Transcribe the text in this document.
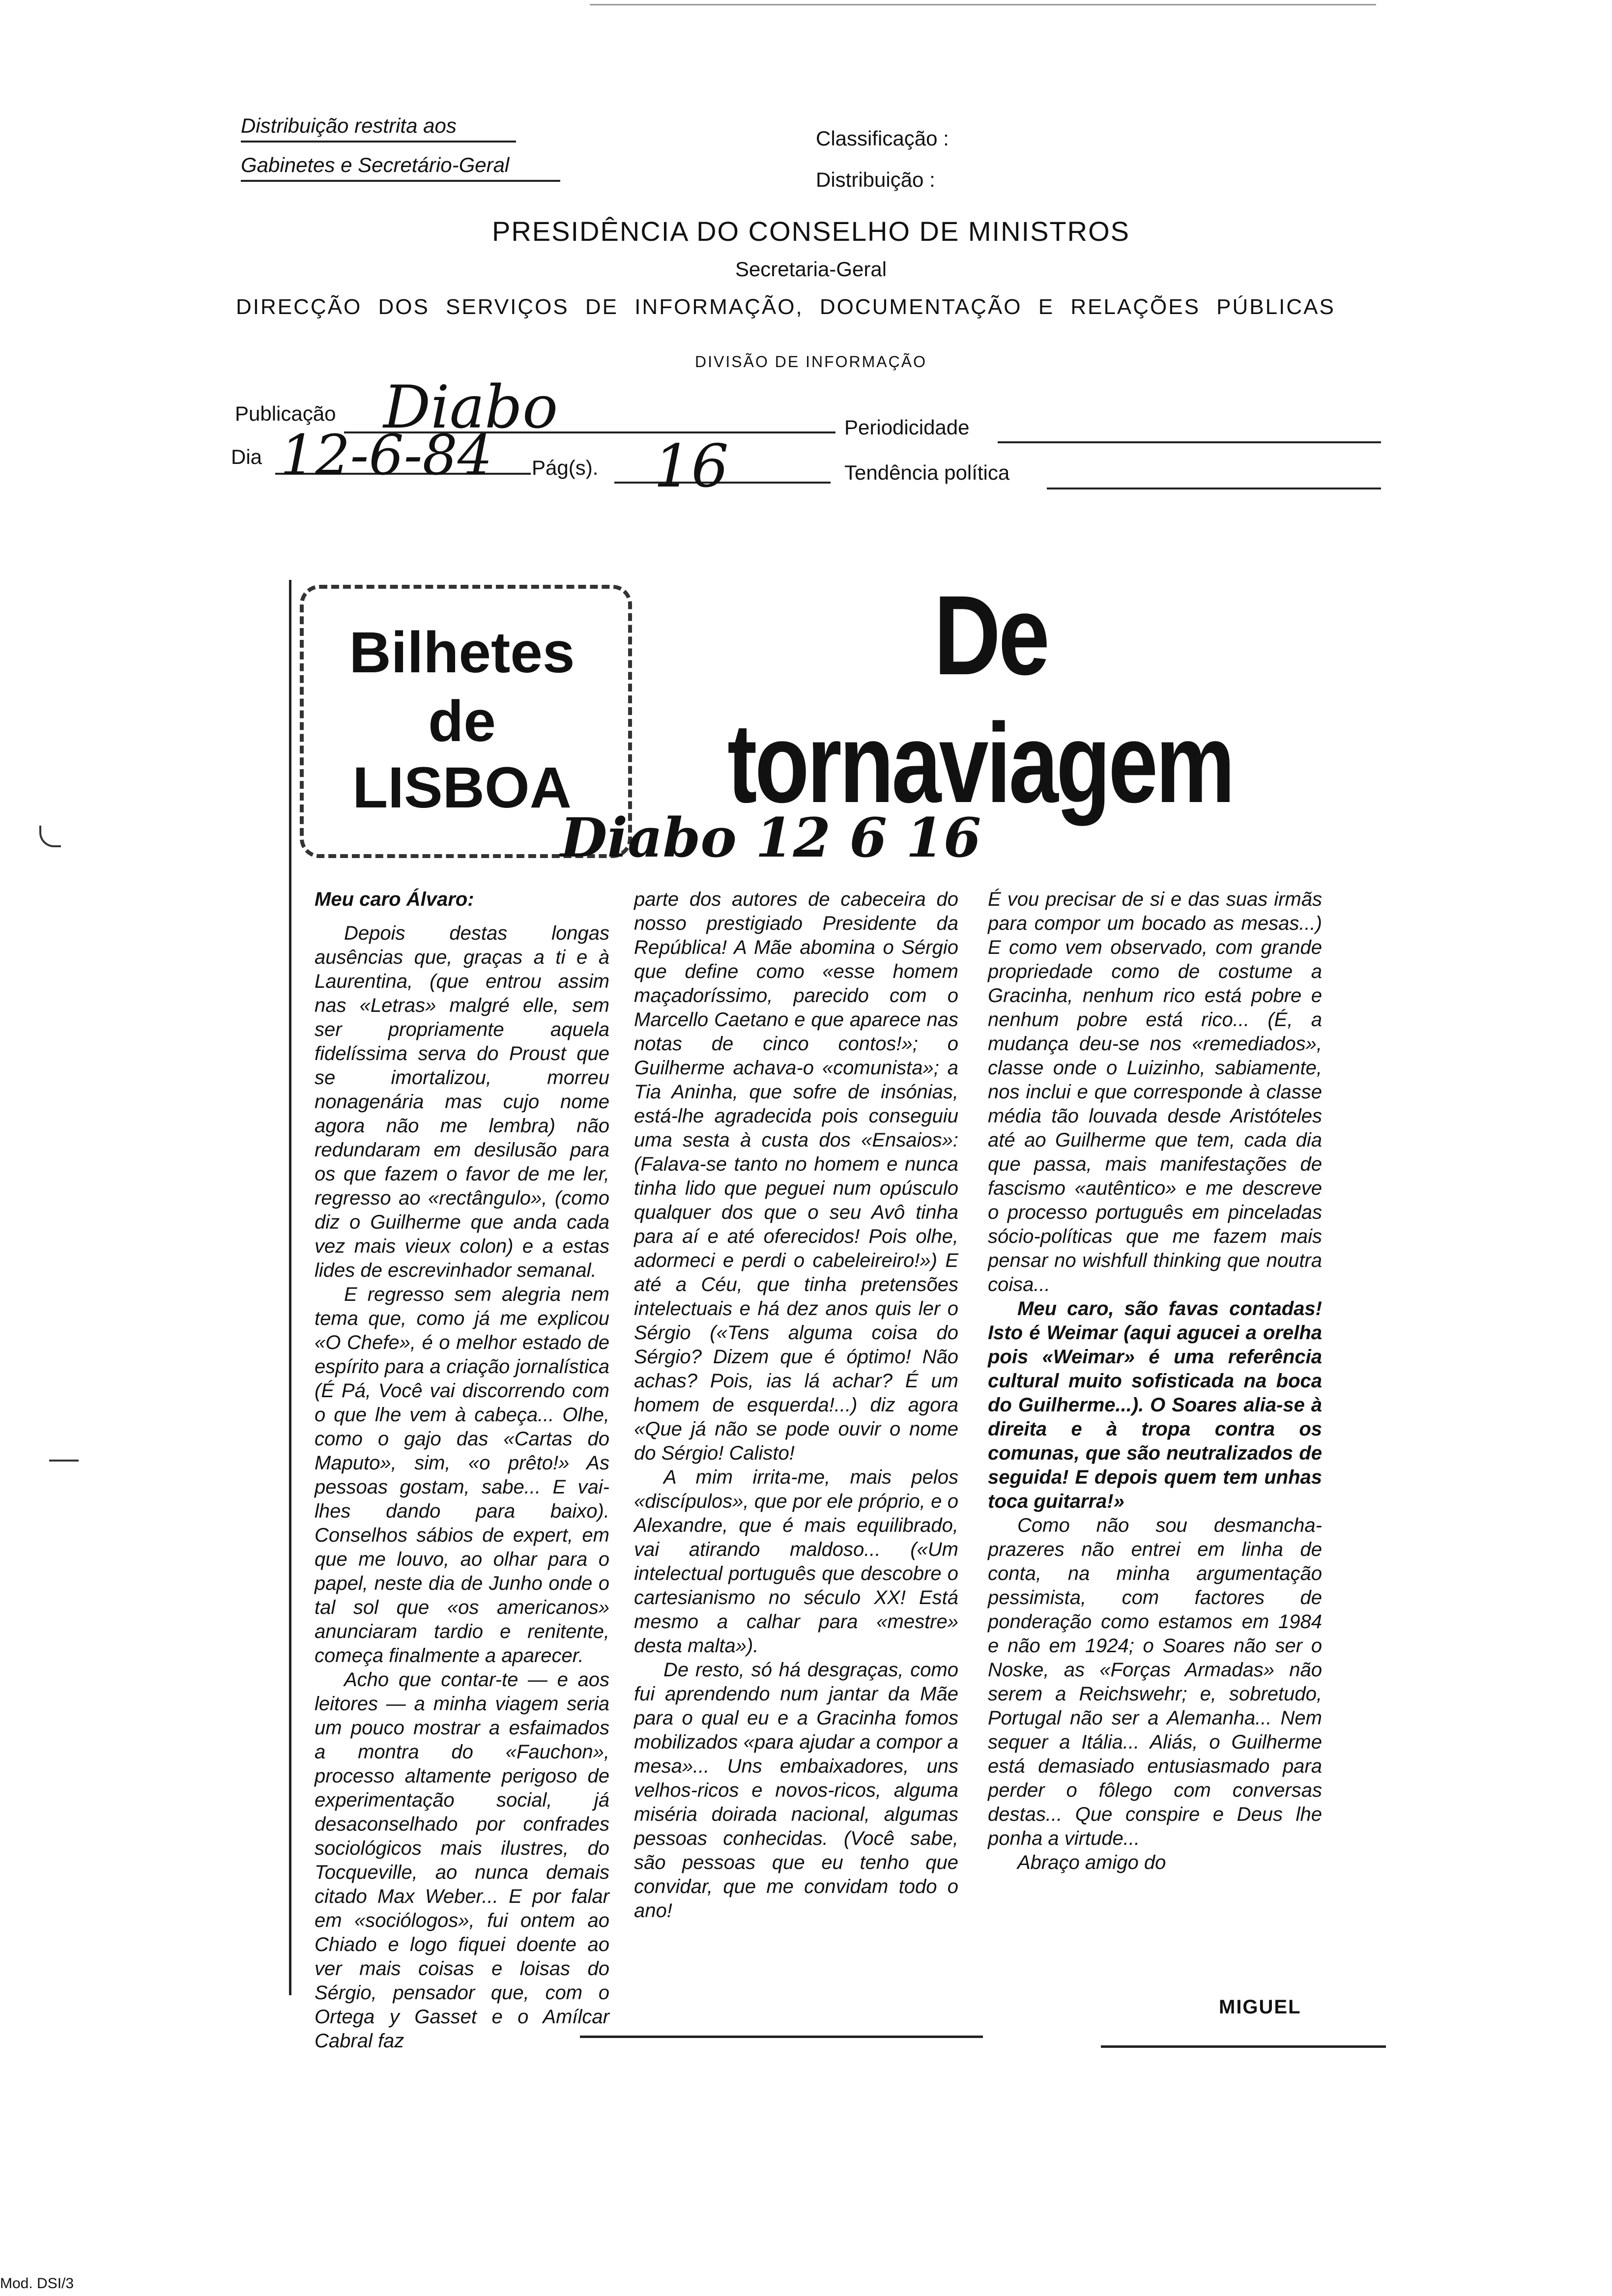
Distribuição restrita aos
Gabinetes e Secretário-Geral
Classificação :
Distribuição :
PRESIDÊNCIA DO CONSELHO DE MINISTROS
Secretaria-Geral
DIRECÇÃO DOS SERVIÇOS DE INFORMAÇÃO, DOCUMENTAÇÃO E RELAÇÕES PÚBLICAS
DIVISÃO DE INFORMAÇÃO
Publicação Diabo	Periodicidade
Dia 12-6-84 Pág(s). 16	Tendência política
Bilhetes
de
LISBOA
De
tornaviagem
Diabo 12 6 16

Meu caro Álvaro:

Depois destas longas ausências que, graças a ti e à Laurentina, (que entrou assim nas «Letras» malgré elle, sem ser propriamente aquela fidelíssima serva do Proust que se imortalizou, morreu nonagenária mas cujo nome agora não me lembra) não redundaram em desilusão para os que fazem o favor de me ler, regresso ao «rectângulo», (como diz o Guilherme que anda cada vez mais vieux colon) e a estas lides de escrevinhador semanal.

E regresso sem alegria nem tema que, como já me explicou «O Chefe», é o melhor estado de espírito para a criação jornalística (É Pá, Você vai discorrendo com o que lhe vem à cabeça... Olhe, como o gajo das «Cartas do Maputo», sim, «o prêto!» As pessoas gostam, sabe... E vai-lhes dando para baixo). Conselhos sábios de expert, em que me louvo, ao olhar para o papel, neste dia de Junho onde o tal sol que «os americanos» anunciaram tardio e renitente, começa finalmente a aparecer.

Acho que contar-te — e aos leitores — a minha viagem seria um pouco mostrar a esfaimados a montra do «Fauchon», processo altamente perigoso de experimentação social, já desaconselhado por confrades sociológicos mais ilustres, do Tocqueville, ao nunca demais citado Max Weber... E por falar em «sociólogos», fui ontem ao Chiado e logo fiquei doente ao ver mais coisas e loisas do Sérgio, pensador que, com o Ortega y Gasset e o Amílcar Cabral faz

parte dos autores de cabeceira do nosso prestigiado Presidente da República! A Mãe abomina o Sérgio que define como «esse homem maçadoríssimo, parecido com o Marcello Caetano e que aparece nas notas de cinco contos!»; o Guilherme achava-o «comunista»; a Tia Aninha, que sofre de insónias, está-lhe agradecida pois conseguiu uma sesta à custa dos «Ensaios»: (Falava-se tanto no homem e nunca tinha lido que peguei num opúsculo qualquer dos que o seu Avô tinha para aí e até oferecidos! Pois olhe, adormeci e perdi o cabeleireiro!») E até a Céu, que tinha pretensões intelectuais e há dez anos quis ler o Sérgio («Tens alguma coisa do Sérgio? Dizem que é óptimo! Não achas? Pois, ias lá achar? É um homem de esquerda!...) diz agora «Que já não se pode ouvir o nome do Sérgio! Calisto!

A mim irrita-me, mais pelos «discípulos», que por ele próprio, e o Alexandre, que é mais equilibrado, vai atirando maldoso... («Um intelectual português que descobre o cartesianismo no século XX! Está mesmo a calhar para «mestre» desta malta»).

De resto, só há desgraças, como fui aprendendo num jantar da Mãe para o qual eu e a Gracinha fomos mobilizados «para ajudar a compor a mesa»... Uns embaixadores, uns velhos-ricos e novos-ricos, alguma miséria doirada nacional, algumas pessoas conhecidas. (Você sabe, são pessoas que eu tenho que convidar, que me convidam todo o ano!

É vou precisar de si e das suas irmãs para compor um bocado as mesas...) E como vem observado, com grande propriedade como de costume a Gracinha, nenhum rico está pobre e nenhum pobre está rico... (É, a mudança deu-se nos «remediados», classe onde o Luizinho, sabiamente, nos inclui e que corresponde à classe média tão louvada desde Aristóteles até ao Guilherme que tem, cada dia que passa, mais manifestações de fascismo «autêntico» e me descreve o processo português em pinceladas sócio-políticas que me fazem mais pensar no wishfull thinking que noutra coisa...

Meu caro, são favas contadas! Isto é Weimar (aqui agucei a orelha pois «Weimar» é uma referência cultural muito sofisticada na boca do Guilherme...). O Soares alia-se à direita e à tropa contra os comunas, que são neutralizados de seguida! E depois quem tem unhas toca guitarra!»

Como não sou desmancha-prazeres não entrei em linha de conta, na minha argumentação pessimista, com factores de ponderação como estamos em 1984 e não em 1924; o Soares não ser o Noske, as «Forças Armadas» não serem a Reichswehr; e, sobretudo, Portugal não ser a Alemanha... Nem sequer a Itália... Aliás, o Guilherme está demasiado entusiasmado para perder o fôlego com conversas destas... Que conspire e Deus lhe ponha a virtude...

Abraço amigo do

MIGUEL
Mod. DSI/3
